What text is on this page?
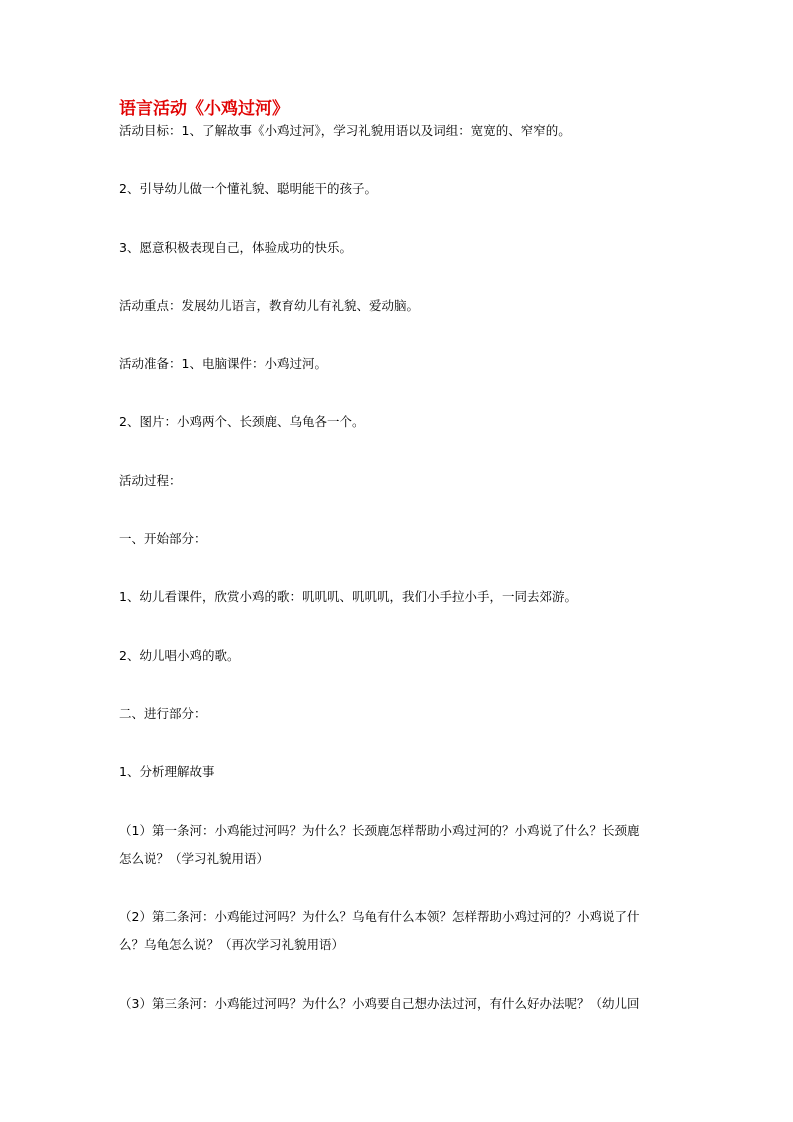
语言活动《小鸡过河》
活动目标：1、了解故事《小鸡过河》，学习礼貌用语以及词组：宽宽的、窄窄的。
2、引导幼儿做一个懂礼貌、聪明能干的孩子。
3、愿意积极表现自己，体验成功的快乐。
活动重点：发展幼儿语言，教育幼儿有礼貌、爱动脑。
活动准备：1、电脑课件：小鸡过河。
2、图片：小鸡两个、长颈鹿、乌龟各一个。
活动过程：
一、开始部分：
1、幼儿看课件，欣赏小鸡的歌：叽叽叽、叽叽叽，我们小手拉小手，一同去郊游。
2、幼儿唱小鸡的歌。
二、进行部分：
1、分析理解故事
（1）第一条河：小鸡能过河吗？为什么？长颈鹿怎样帮助小鸡过河的？小鸡说了什么？长颈鹿
怎么说？（学习礼貌用语）
（2）第二条河：小鸡能过河吗？为什么？乌龟有什么本领？怎样帮助小鸡过河的？小鸡说了什
么？乌龟怎么说？（再次学习礼貌用语）
（3）第三条河：小鸡能过河吗？为什么？小鸡要自己想办法过河，有什么好办法呢？（幼儿回
